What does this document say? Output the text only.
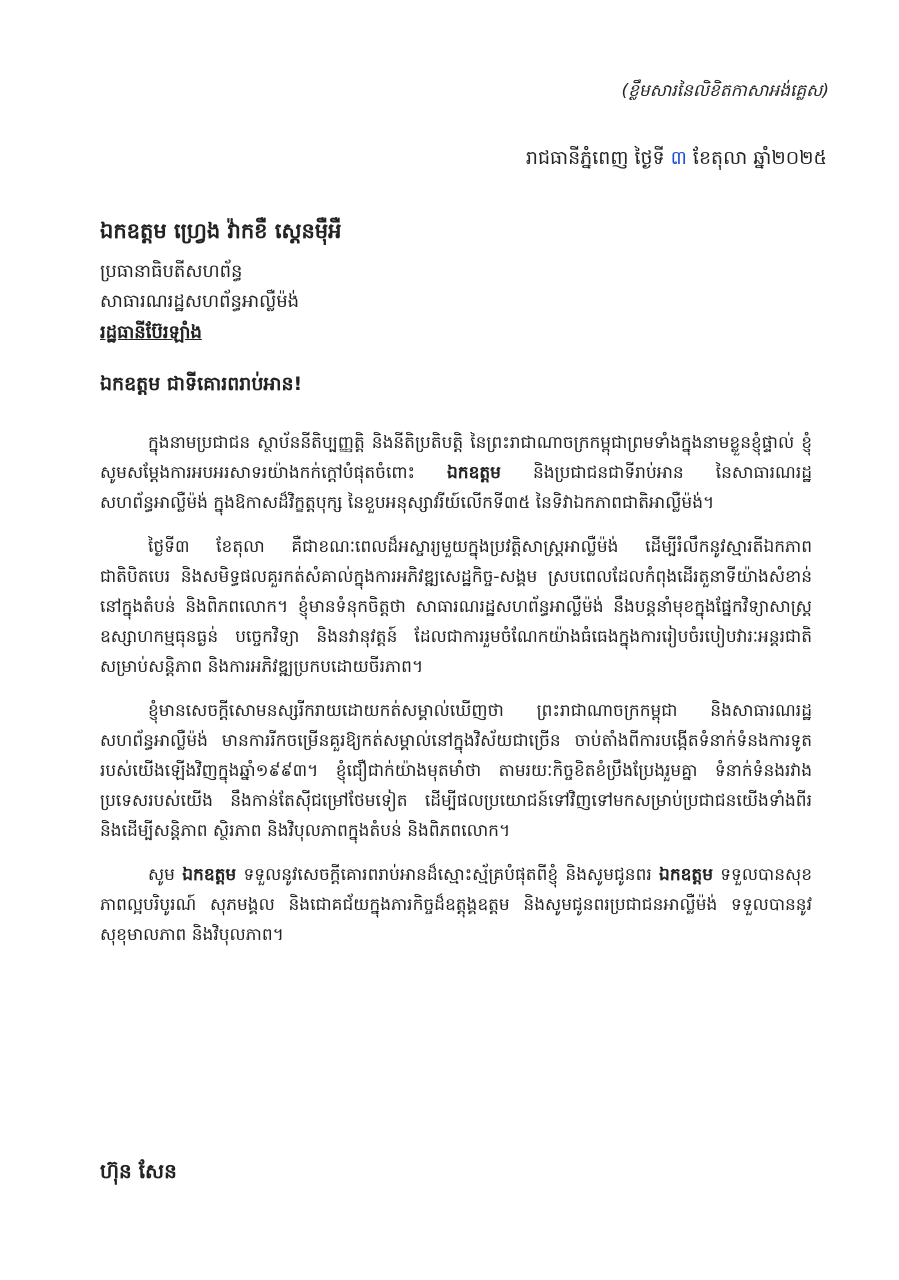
(ខ្លឹមសារនៃលិខិតកាសាអង់គ្លេស)
រាជធានីភ្នំពេញ ថ្ងៃទី ៣ ខែតុលា ឆ្នាំ២០២៥
ឯកឧត្តម ហ្វ្រេង វ៉ាកខឺ ស្តេនម៉ឺអឺ
ប្រធានាធិបតីសហព័ន្ធ
សាធារណរដ្ឋសហព័ន្ធអាល្លឺម៉ង់
រដ្ឋធានីប៊ែរឡាំង
ឯកឧត្តម ជាទីគោរពរាប់អាន!

ក្នុងនាមប្រជាជន ស្ថាប័ននីតិប្បញ្ញត្តិ និងនីតិប្រតិបត្តិ នៃព្រះរាជាណាចក្រកម្ពុជាព្រមទាំងក្នុងនាមខ្លួនខ្ញុំផ្ទាល់ ខ្ញុំសូមសម្តែងការអបអរសាទរយ៉ាងកក់ក្តៅបំផុតចំពោះ ឯកឧត្តម និងប្រជាជនជាទីរាប់អាន នៃសាធារណរដ្ឋសហព័ន្ធអាល្លឺម៉ង់ ក្នុងឱកាសដ៏វិក្ខត្តបុក្ស នៃខួបអនុស្សាវរីយ៍លើកទី៣៥ នៃទិវាឯកភាពជាតិអាល្លឺម៉ង់។

ថ្ងៃទី៣ ខែតុលា គឺជាខណៈពេលដ៏អស្ចារ្យមួយក្នុងប្រវត្តិសាស្ត្រអាល្លឺម៉ង់ ដើម្បីរំលឹកនូវស្មារតីឯកភាពជាតិបិតបេរ និងសមិទ្ធផលគួរកត់សំគាល់ក្នុងការអភិវឌ្ឍសេដ្ឋកិច្ច-សង្គម ស្របពេលដែលកំពុងដើរតួនាទីយ៉ាងសំខាន់នៅក្នុងតំបន់ និងពិភពលោក។ ខ្ញុំមានទំនុកចិត្តថា សាធារណរដ្ឋសហព័ន្ធអាល្លឺម៉ង់ នឹងបន្តនាំមុខក្នុងផ្នែកវិទ្យាសាស្ត្រ ឧស្សាហកម្មធុនធ្ងន់ បច្ចេកវិទ្យា និងនវានុវត្តន៍ ដែលជាការរួមចំណែកយ៉ាងធំធេងក្នុងការរៀបចំរបៀបវារៈអន្តរជាតិសម្រាប់សន្តិភាព និងការអភិវឌ្ឍប្រកបដោយចីរភាព។

ខ្ញុំមានសេចក្តីសោមនស្សរីករាយដោយកត់សម្គាល់ឃើញថា ព្រះរាជាណាចក្រកម្ពុជា និងសាធារណរដ្ឋសហព័ន្ធអាល្លឺម៉ង់ មានការរីកចម្រើនគួរឱ្យកត់សម្គាល់នៅក្នុងវិស័យជាច្រើន ចាប់តាំងពីការបង្កើតទំនាក់ទំនងការទូតរបស់យើងឡើងវិញក្នុងឆ្នាំ១៩៩៣។ ខ្ញុំជឿជាក់យ៉ាងមុតមាំថា តាមរយៈកិច្ចខិតខំប្រឹងប្រែងរួមគ្នា ទំនាក់ទំនងរវាងប្រទេសរបស់យើង នឹងកាន់តែស៊ីជម្រៅថែមទៀត ដើម្បីផលប្រយោជន៍ទៅវិញទៅមកសម្រាប់ប្រជាជនយើងទាំងពីរ និងដើម្បីសន្តិភាព ស្ថិរភាព និងវិបុលភាពក្នុងតំបន់ និងពិភពលោក។

សូម ឯកឧត្តម ទទួលនូវសេចក្តីគោរពរាប់អានដ៏ស្មោះស្ម័គ្របំផុតពីខ្ញុំ និងសូមជូនពរ ឯកឧត្តម ទទួលបានសុខភាពល្អបរិបូរណ៍ សុភមង្គល និងជោគជ័យក្នុងភារកិច្ចដ៏ឧត្តុង្គឧត្តម និងសូមជូនពរប្រជាជនអាល្លឺម៉ង់ ទទួលបាននូវសុខុមាលភាព និងវិបុលភាព។

ហ៊ុន សែន
